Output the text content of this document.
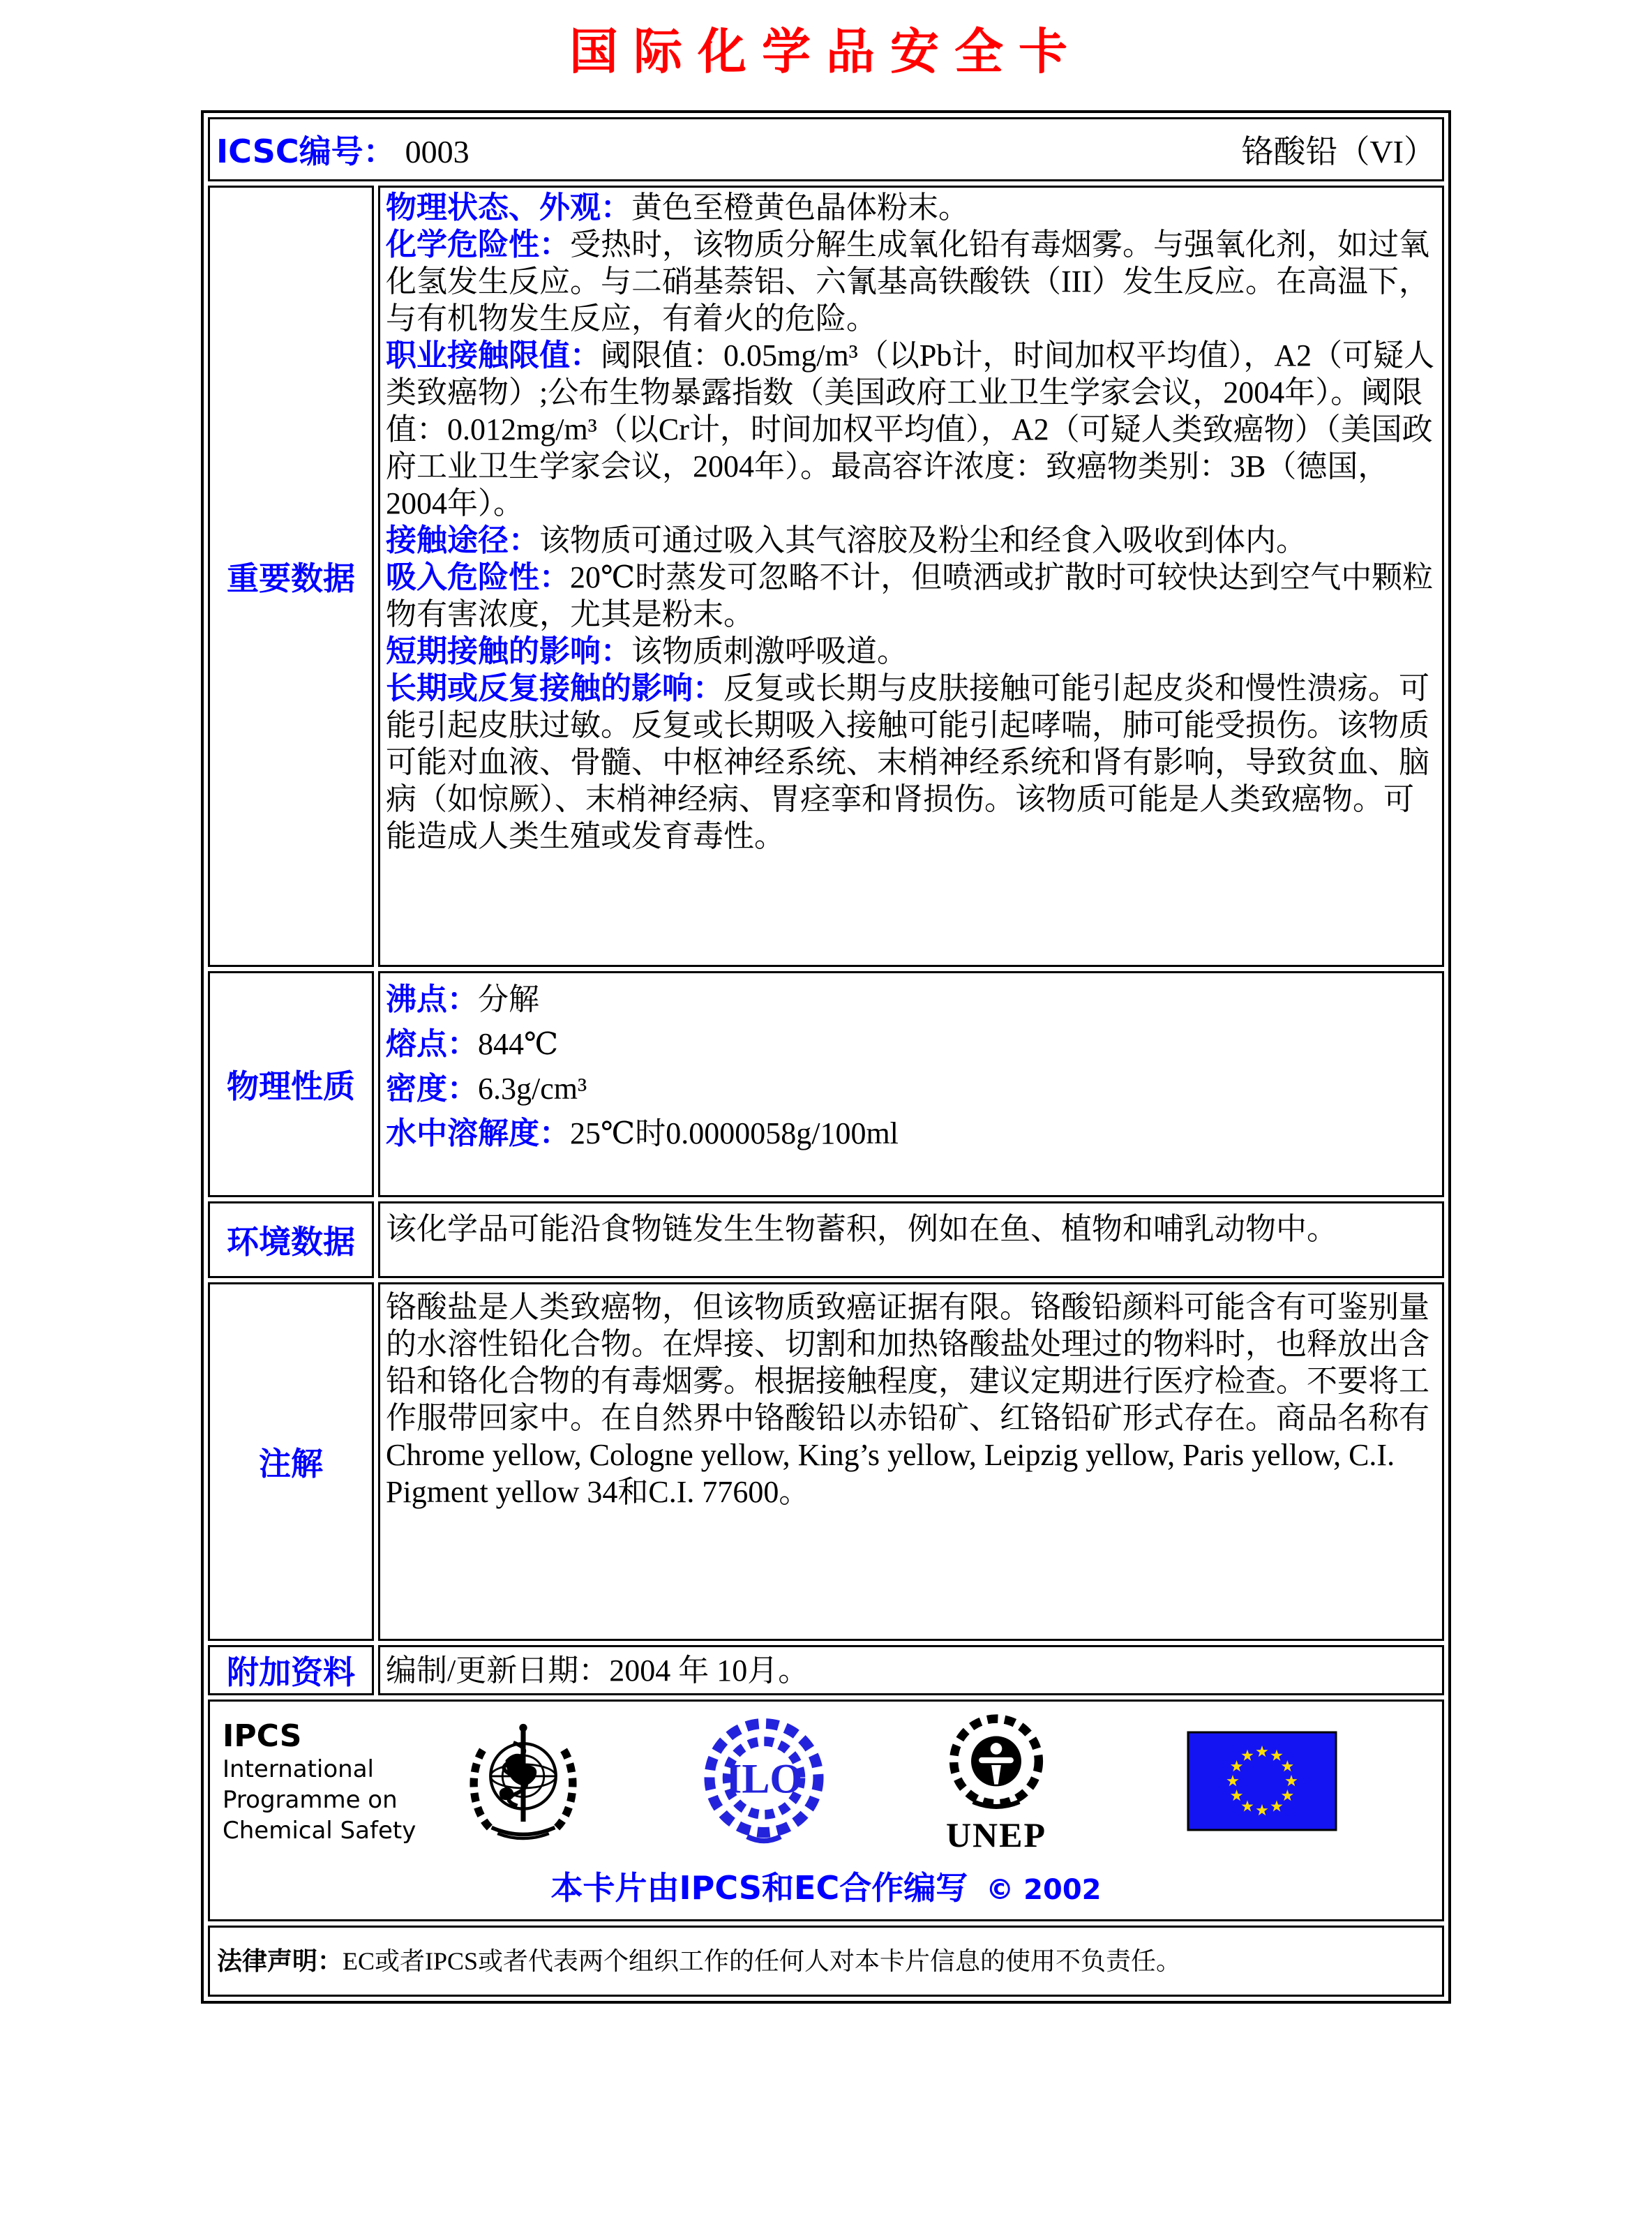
国际化学品安全卡
ICSC编号： 0003 铬酸铅（VI）	

重要数据	
物理状态、外观：黄色至橙黄色晶体粉末。
化学危险性：受热时，该物质分解生成氧化铅有毒烟雾。与强氧化剂，如过氧化氢发生反应。与二硝基萘铝、六氰基高铁酸铁（III）发生反应。在高温下，与有机物发生反应，有着火的危险。
职业接触限值：阈限值：0.05mg/m³（以Pb计，时间加权平均值），A2（可疑人类致癌物）;公布生物暴露指数（美国政府工业卫生学家会议，2004年）。阈限值：0.012mg/m³（以Cr计，时间加权平均值），A2（可疑人类致癌物）（美国政府工业卫生学家会议，2004年）。最高容许浓度：致癌物类别：3B（德国，2004年）。
接触途径：该物质可通过吸入其气溶胶及粉尘和经食入吸收到体内。
吸入危险性：20℃时蒸发可忽略不计，但喷洒或扩散时可较快达到空气中颗粒物有害浓度，尤其是粉末。
短期接触的影响：该物质刺激呼吸道。
长期或反复接触的影响：反复或长期与皮肤接触可能引起皮炎和慢性溃疡。可能引起皮肤过敏。反复或长期吸入接触可能引起哮喘，肺可能受损伤。该物质可能对血液、骨髓、中枢神经系统、末梢神经系统和肾有影响，导致贫血、脑病（如惊厥）、末梢神经病、胃痉挛和肾损伤。该物质可能是人类致癌物。可能造成人类生殖或发育毒性。

物理性质	沸点：分解
熔点：844℃
密度：6.3g/cm³
水中溶解度：25℃时0.0000058g/100ml

环境数据	该化学品可能沿食物链发生生物蓄积，例如在鱼、植物和哺乳动物中。
注解	铬酸盐是人类致癌物，但该物质致癌证据有限。铬酸铅颜料可能含有可鉴别量的水溶性铅化合物。在焊接、切割和加热铬酸盐处理过的物料时，也释放出含铅和铬化合物的有毒烟雾。根据接触程度，建议定期进行医疗检查。不要将工作服带回家中。在自然界中铬酸铅以赤铅矿、红铬铅矿形式存在。商品名称有Chrome yellow, Cologne yellow, King’s yellow, Leipzig yellow, Paris yellow, C.I. Pigment yellow 34和C.I. 77600。
附加资料	编制/更新日期：2004 年 10月。

IPCS
International
Programme on
Chemical Safety
ILO
UNEP
本卡片由IPCS和EC合作编写 © 2002

法律声明：EC或者IPCS或者代表两个组织工作的任何人对本卡片信息的使用不负责任。	
